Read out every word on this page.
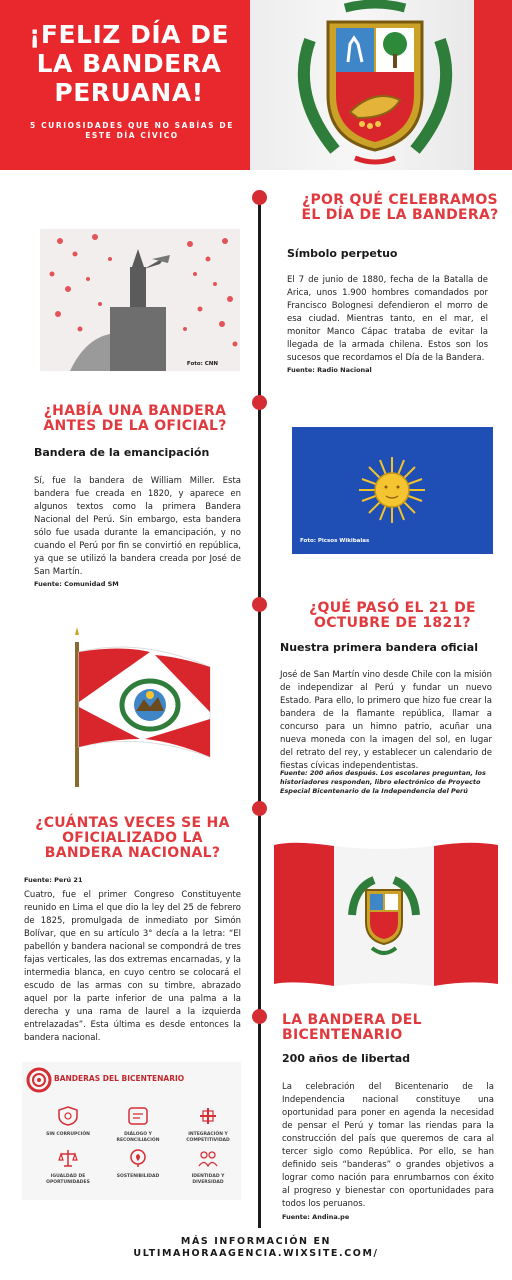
¡FELIZ DÍA DE LA BANDERA PERUANA!
5 CURIOSIDADES QUE NO SABÍAS DE ESTE DÍA CÍVICO
Foto: CNN
¿POR QUÉ CELEBRAMOS EL DÍA DE LA BANDERA?
Símbolo perpetuo
El 7 de junio de 1880, fecha de la Batalla de Arica, unos 1.900 hombres comandados por Francisco Bolognesi defendieron el morro de esa ciudad. Mientras tanto, en el mar, el monitor Manco Cápac trataba de evitar la llegada de la armada chilena. Estos son los sucesos que recordamos el Día de la Bandera.
Fuente: Radio Nacional
¿HABÍA UNA BANDERA ANTES DE LA OFICIAL?
Bandera de la emancipación
Sí, fue la bandera de William Miller. Esta bandera fue creada en 1820, y aparece en algunos textos como la primera Bandera Nacional del Perú. Sin embargo, esta bandera sólo fue usada durante la emancipación, y no cuando el Perú por fin se convirtió en república, ya que se utilizó la bandera creada por José de San Martín.
Fuente: Comunidad SM
Foto: Picsos Wikibalas
¿QUÉ PASÓ EL 21 DE OCTUBRE DE 1821?
Nuestra primera bandera oficial
José de San Martín vino desde Chile con la misión de independizar al Perú y fundar un nuevo Estado. Para ello, lo primero que hizo fue crear la bandera de la flamante república, llamar a concurso para un himno patrio, acuñar una nueva moneda con la imagen del sol, en lugar del retrato del rey, y establecer un calendario de fiestas cívicas independentistas.
Fuente: 200 años después. Los escolares preguntan, los historiadores responden, libro electrónico de Proyecto Especial Bicentenario de la Independencia del Perú
¿CUÁNTAS VECES SE HA OFICIALIZADO LA BANDERA NACIONAL?
Fuente: Perú 21
Cuatro, fue el primer Congreso Constituyente reunido en Lima el que dio la ley del 25 de febrero de 1825, promulgada de inmediato por Simón Bolívar, que en su artículo 3° decía a la letra: “El pabellón y bandera nacional se compondrá de tres fajas verticales, las dos extremas encarnadas, y la intermedia blanca, en cuyo centro se colocará el escudo de las armas con su timbre, abrazado aquel por la parte inferior de una palma a la derecha y una rama de laurel a la izquierda entrelazadas”. Esta última es desde entonces la bandera nacional.
LA BANDERA DEL BICENTENARIO
200 años de libertad
La celebración del Bicentenario de la Independencia nacional constituye una oportunidad para poner en agenda la necesidad de pensar el Perú y tomar las riendas para la construcción del país que queremos de cara al tercer siglo como República. Por ello, se han definido seis “banderas” o grandes objetivos a lograr como nación para enrumbarnos con éxito al progreso y bienestar con oportunidades para todos los peruanos.
Fuente: Andina.pe
BANDERAS DEL BICENTENARIO
SIN CORRUPCIÓN	DIÁLOGO Y RECONCILIACIÓN
INTEGRACIÓN Y COMPETITIVIDAD
IGUALDAD DE OPORTUNIDADES
SOSTENIBILIDAD	IDENTIDAD Y DIVERSIDAD
MÁS INFORMACIÓN EN
ULTIMAHORAAGENCIA.WIXSITE.COM/
